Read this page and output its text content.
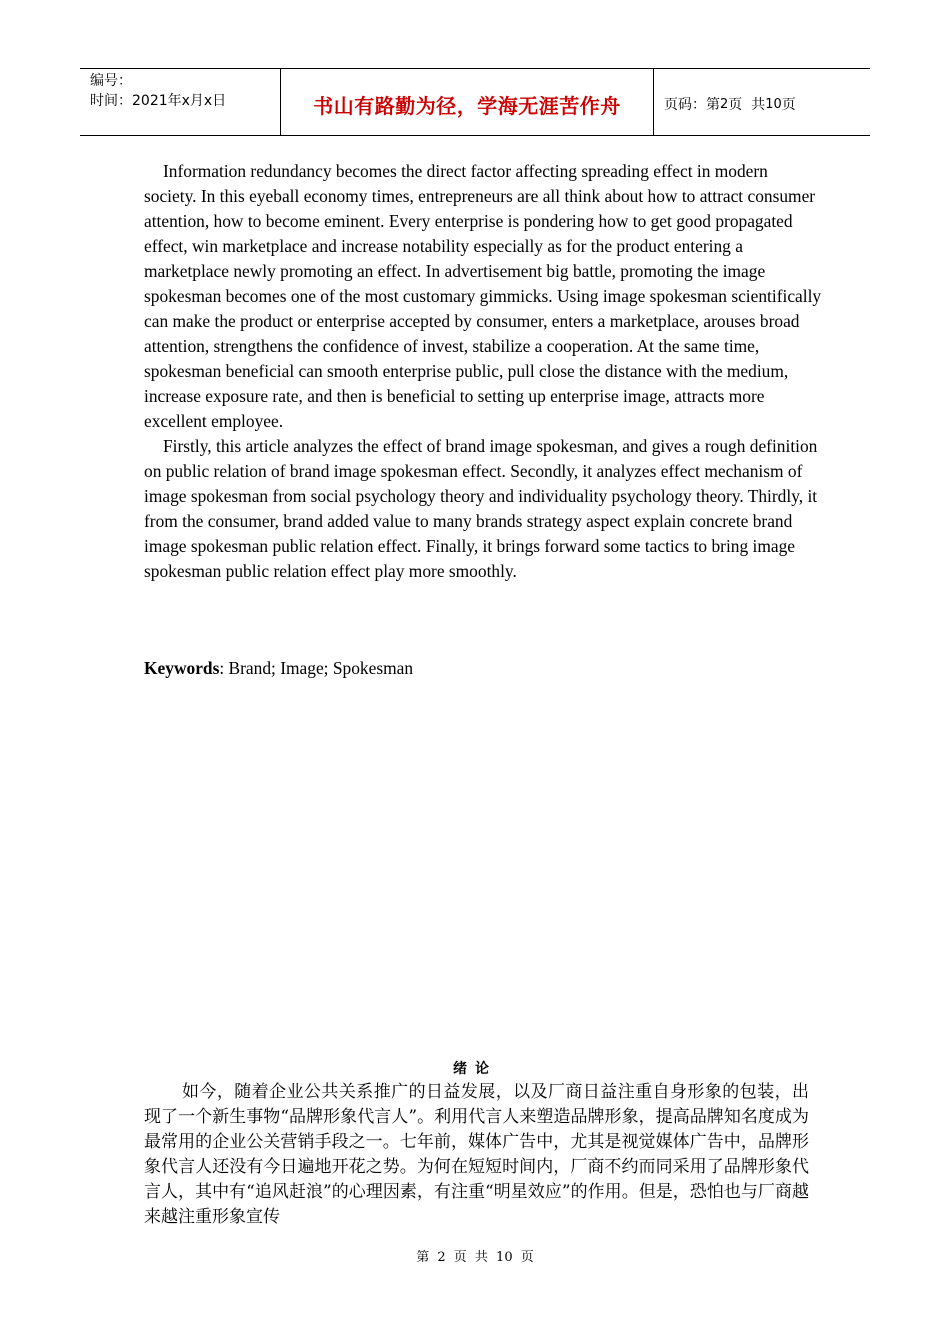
编号：
时间：2021年x月x日	书山有路勤为径，学海无涯苦作舟	页码：第 2 页  共 10 页

Information redundancy becomes the direct factor affecting spreading effect in modern society. In this eyeball economy times, entrepreneurs are all think about how to attract consumer attention, how to become eminent. Every enterprise is pondering how to get good propagated effect, win marketplace and increase notability especially as for the product entering a marketplace newly promoting an effect. In advertisement big battle, promoting the image spokesman becomes one of the most customary gimmicks. Using image spokesman scientifically can make the product or enterprise accepted by consumer, enters a marketplace, arouses broad attention, strengthens the confidence of invest, stabilize a cooperation. At the same time, spokesman beneficial can smooth enterprise public, pull close the distance with the medium, increase exposure rate, and then is beneficial to setting up enterprise image, attracts more excellent employee.

Firstly, this article analyzes the effect of brand image spokesman, and gives a rough definition on public relation of brand image spokesman effect. Secondly, it analyzes effect mechanism of image spokesman from social psychology theory and individuality psychology theory. Thirdly, it from the consumer, brand added value to many brands strategy aspect explain concrete brand image spokesman public relation effect. Finally, it brings forward some tactics to bring image spokesman public relation effect play more smoothly.

Keywords: Brand; Image; Spokesman
绪论

如今，随着企业公共关系推广的日益发展，以及厂商日益注重自身形象的包装，出现了一个新生事物“品牌形象代言人”。利用代言人来塑造品牌形象，提高品牌知名度成为最常用的企业公关营销手段之一。七年前，媒体广告中，尤其是视觉媒体广告中，品牌形象代言人还没有今日遍地开花之势。为何在短短时间内，厂商不约而同采用了品牌形象代言人，其中有“追风赶浪”的心理因素，有注重“明星效应”的作用。但是，恐怕也与厂商越来越注重形象宣传

第 2 页 共 10 页
